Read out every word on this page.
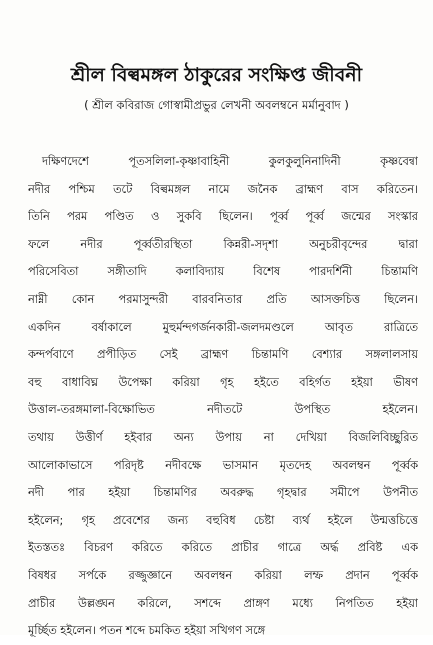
শ্রীল বিল্বমঙ্গল ঠাকুরের সংক্ষিপ্ত জীবনী
( শ্রীল কবিরাজ গোস্বামীপ্রভুর লেখনী অবলম্বনে মর্মানুবাদ )
দক্ষিণদেশে পূতসলিলা-কৃষ্ণাবাহিনী কুলকুলুনিনাদিনী কৃষ্ণবেন্বা
নদীর পশ্চিম তটে বিল্বমঙ্গল নামে জনৈক ব্রাহ্মণ বাস করিতেন।
তিনি পরম পণ্ডিত ও সুকবি ছিলেন। পূর্ব্ব পূর্ব্ব জন্মের সংস্কার
ফলে নদীর পূর্ব্বতীরস্থিতা কিন্নরী-সদৃশা অনুচরীবৃন্দের দ্বারা
পরিসেবিতা সঙ্গীতাদি কলাবিদ্যায় বিশেষ পারদর্শিনী চিন্তামণি
নাম্নী কোন পরমাসুন্দরী বারবনিতার প্রতি আসক্তচিত্ত ছিলেন।
একদিন বর্ষাকালে মুহুর্মন্দগর্জনকারী-জলদমণ্ডলে আবৃত রাত্রিতে
কন্দর্পবাণে প্রপীড়িত সেই ব্রাহ্মণ চিন্তামণি বেশ্যার সঙ্গলালসায়
বহু বাধাবিঘ্ন উপেক্ষা করিয়া গৃহ হইতে বহির্গত হইয়া ভীষণ
উত্তাল-তরঙ্গমালা-বিক্ষোভিত নদীতটে উপস্থিত হইলেন।
তথায় উত্তীর্ণ হইবার অন্য উপায় না দেখিয়া বিজলিবিচ্ছুরিত
আলোকাভাসে পরিদৃষ্ট নদীবক্ষে ভাসমান মৃতদেহ অবলম্বন পূর্ব্বক
নদী পার হইয়া চিন্তামণির অবরুদ্ধ গৃহদ্বার সমীপে উপনীত
হইলেন; গৃহ প্রবেশের জন্য বহুবিধ চেষ্টা ব্যর্থ হইলে উন্মত্তচিত্তে
ইতস্ততঃ বিচরণ করিতে করিতে প্রাচীর গাত্রে অর্দ্ধ প্রবিষ্ট এক
বিষধর সর্পকে রজ্জুজ্ঞানে অবলম্বন করিয়া লম্ফ প্রদান পূর্ব্বক
প্রাচীর উল্লঙ্ঘন করিলে, সশব্দে প্রাঙ্গণ মধ্যে নিপতিত হইয়া
মূর্চ্ছিত হইলেন। পতন শব্দে চমকিত হইয়া সখিগণ সঙ্গে
